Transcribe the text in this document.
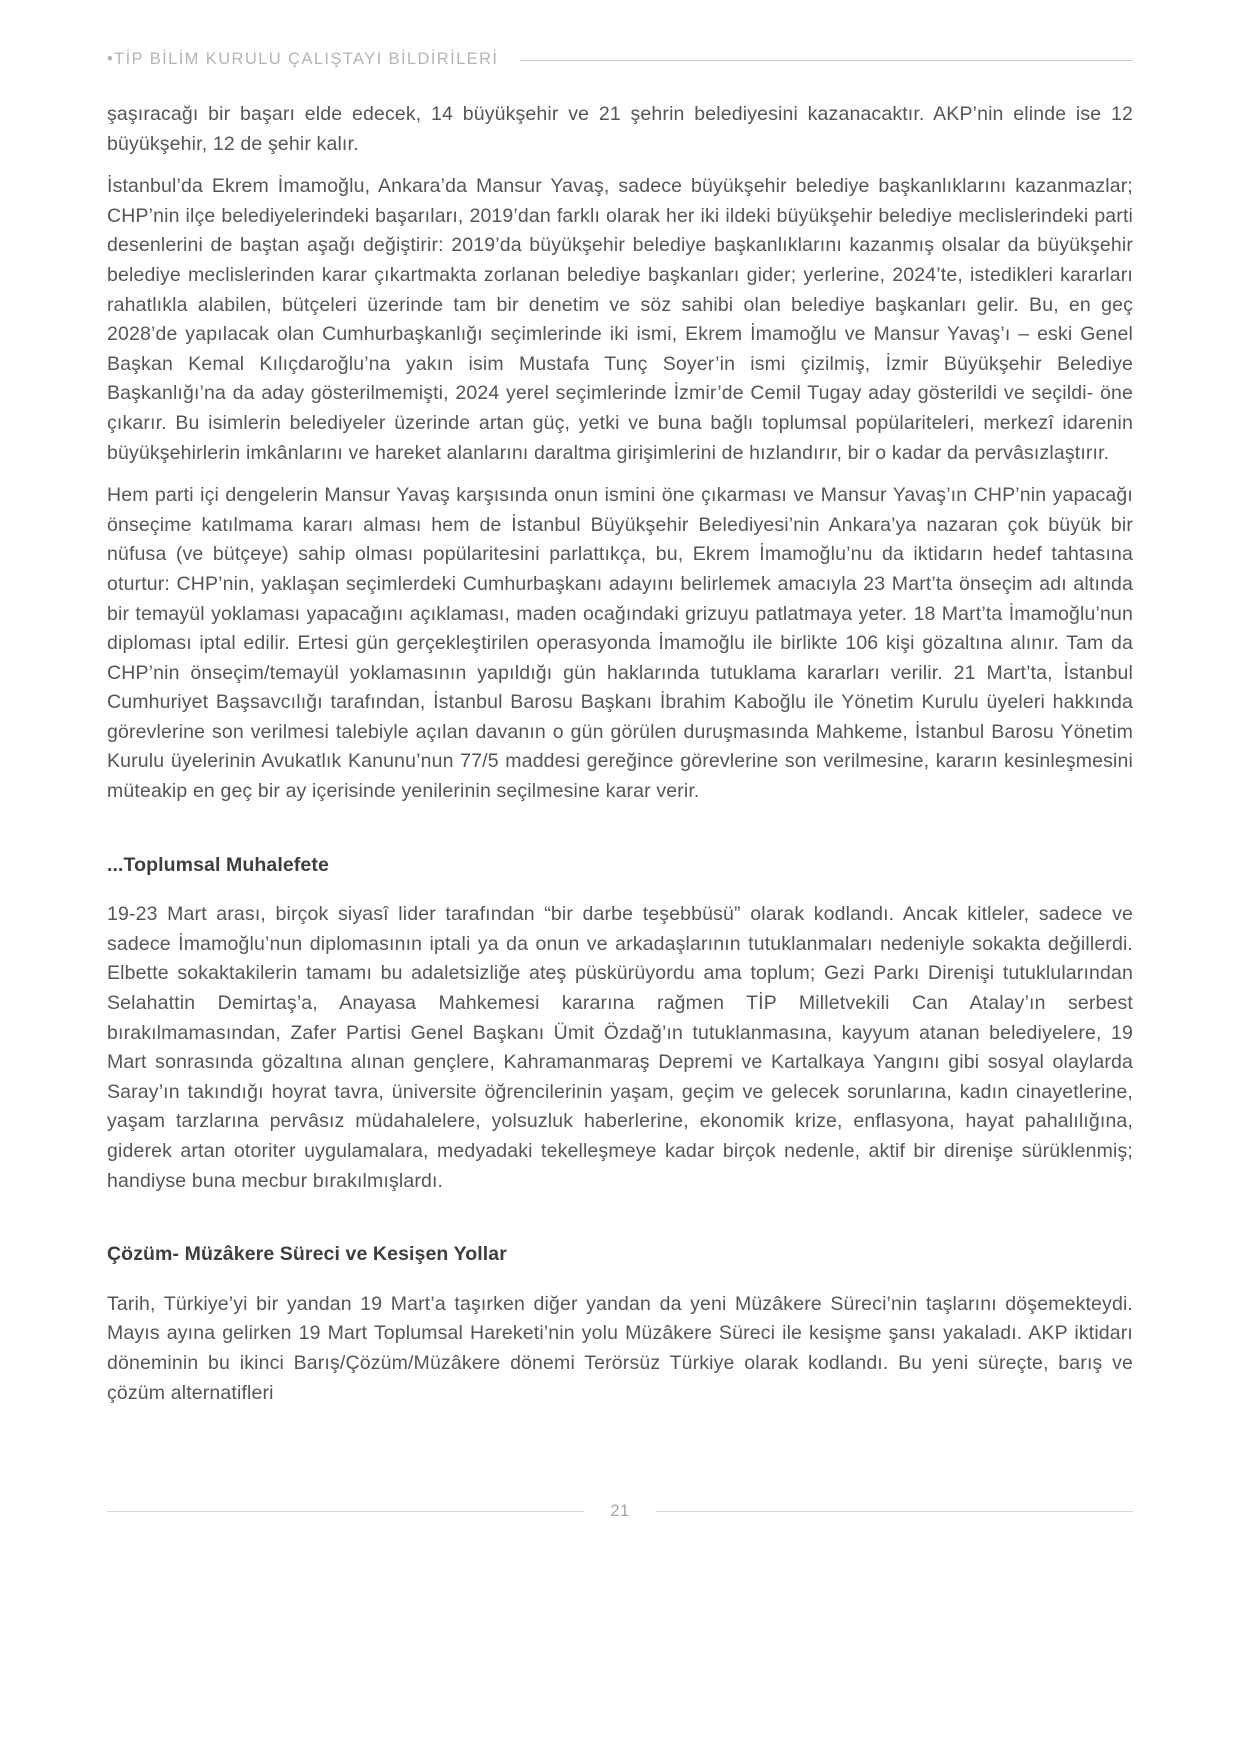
•TİP BİLİM KURULU ÇALIŞTAYI BİLDİRİLERİ

şaşıracağı bir başarı elde edecek, 14 büyükşehir ve 21 şehrin belediyesini kazanacaktır. AKP’nin elinde ise 12 büyükşehir, 12 de şehir kalır.

İstanbul’da Ekrem İmamoğlu, Ankara’da Mansur Yavaş, sadece büyükşehir belediye başkanlıklarını kazanmazlar; CHP’nin ilçe belediyelerindeki başarıları, 2019’dan farklı olarak her iki ildeki büyükşehir belediye meclislerindeki parti desenlerini de baştan aşağı değiştirir: 2019’da büyükşehir belediye başkanlıklarını kazanmış olsalar da büyükşehir belediye meclislerinden karar çıkartmakta zorlanan belediye başkanları gider; yerlerine, 2024’te, istedikleri kararları rahatlıkla alabilen, bütçeleri üzerinde tam bir denetim ve söz sahibi olan belediye başkanları gelir. Bu, en geç 2028’de yapılacak olan Cumhurbaşkanlığı seçimlerinde iki ismi, Ekrem İmamoğlu ve Mansur Yavaş’ı – eski Genel Başkan Kemal Kılıçdaroğlu’na yakın isim Mustafa Tunç Soyer’in ismi çizilmiş, İzmir Büyükşehir Belediye Başkanlığı’na da aday gösterilmemişti, 2024 yerel seçimlerinde İzmir’de Cemil Tugay aday gösterildi ve seçildi- öne çıkarır. Bu isimlerin belediyeler üzerinde artan güç, yetki ve buna bağlı toplumsal popülariteleri, merkezî idarenin büyükşehirlerin imkânlarını ve hareket alanlarını daraltma girişimlerini de hızlandırır, bir o kadar da pervâsızlaştırır.

Hem parti içi dengelerin Mansur Yavaş karşısında onun ismini öne çıkarması ve Mansur Yavaş’ın CHP’nin yapacağı önseçime katılmama kararı alması hem de İstanbul Büyükşehir Belediyesi’nin Ankara’ya nazaran çok büyük bir nüfusa (ve bütçeye) sahip olması popülaritesini parlattıkça, bu, Ekrem İmamoğlu’nu da iktidarın hedef tahtasına oturtur: CHP’nin, yaklaşan seçimlerdeki Cumhurbaşkanı adayını belirlemek amacıyla 23 Mart’ta önseçim adı altında bir temayül yoklaması yapacağını açıklaması, maden ocağındaki grizuyu patlatmaya yeter. 18 Mart’ta İmamoğlu’nun diploması iptal edilir. Ertesi gün gerçekleştirilen operasyonda İmamoğlu ile birlikte 106 kişi gözaltına alınır. Tam da CHP’nin önseçim/temayül yoklamasının yapıldığı gün haklarında tutuklama kararları verilir. 21 Mart’ta, İstanbul Cumhuriyet Başsavcılığı tarafından, İstanbul Barosu Başkanı İbrahim Kaboğlu ile Yönetim Kurulu üyeleri hakkında görevlerine son verilmesi talebiyle açılan davanın o gün görülen duruşmasında Mahkeme, İstanbul Barosu Yönetim Kurulu üyelerinin Avukatlık Kanunu’nun 77/5 maddesi gereğince görevlerine son verilmesine, kararın kesinleşmesini müteakip en geç bir ay içerisinde yenilerinin seçilmesine karar verir.

...Toplumsal Muhalefete

19-23 Mart arası, birçok siyasî lider tarafından “bir darbe teşebbüsü” olarak kodlandı. Ancak kitleler, sadece ve sadece İmamoğlu’nun diplomasının iptali ya da onun ve arkadaşlarının tutuklanmaları nedeniyle sokakta değillerdi. Elbette sokaktakilerin tamamı bu adaletsizliğe ateş püskürüyordu ama toplum; Gezi Parkı Direnişi tutuklularından Selahattin Demirtaş’a, Anayasa Mahkemesi kararına rağmen TİP Milletvekili Can Atalay’ın serbest bırakılmamasından, Zafer Partisi Genel Başkanı Ümit Özdağ’ın tutuklanmasına, kayyum atanan belediyelere, 19 Mart sonrasında gözaltına alınan gençlere, Kahramanmaraş Depremi ve Kartalkaya Yangını gibi sosyal olaylarda Saray’ın takındığı hoyrat tavra, üniversite öğrencilerinin yaşam, geçim ve gelecek sorunlarına, kadın cinayetlerine, yaşam tarzlarına pervâsız müdahalelere, yolsuzluk haberlerine, ekonomik krize, enflasyona, hayat pahalılığına, giderek artan otoriter uygulamalara, medyadaki tekelleşmeye kadar birçok nedenle, aktif bir direnişe sürüklenmiş; handiyse buna mecbur bırakılmışlardı.

Çözüm- Müzâkere Süreci ve Kesişen Yollar

Tarih, Türkiye’yi bir yandan 19 Mart’a taşırken diğer yandan da yeni Müzâkere Süreci’nin taşlarını döşemekteydi. Mayıs ayına gelirken 19 Mart Toplumsal Hareketi’nin yolu Müzâkere Süreci ile kesişme şansı yakaladı. AKP iktidarı döneminin bu ikinci Barış/Çözüm/Müzâkere dönemi Terörsüz Türkiye olarak kodlandı. Bu yeni süreçte, barış ve çözüm alternatifleri

21
